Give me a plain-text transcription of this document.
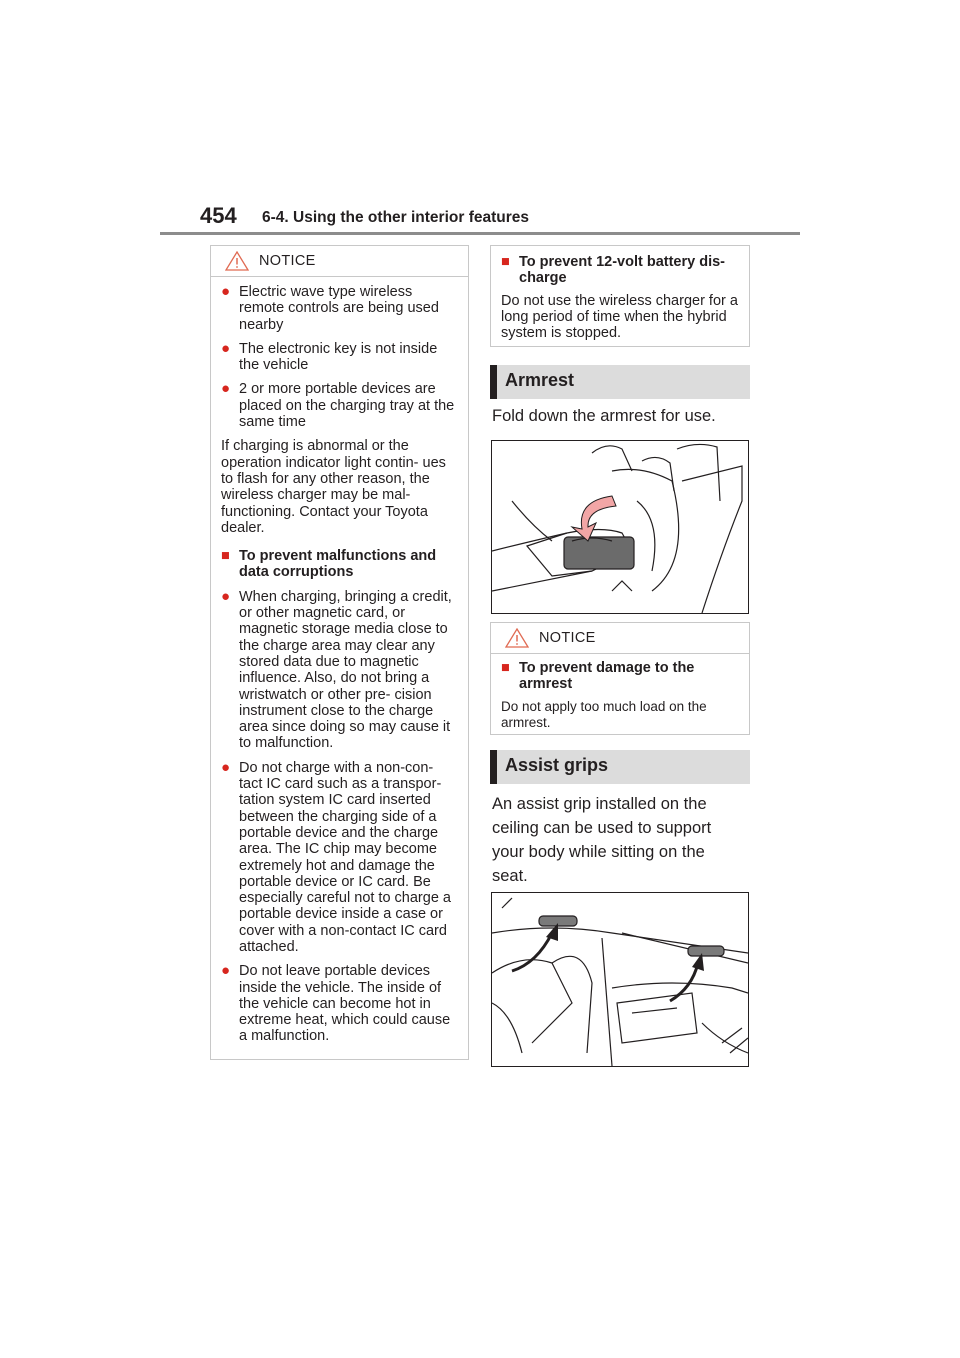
454 6-4. Using the other interior features
NOTICE
● Electric wave type wireless remote controls are being used nearby
● The electronic key is not inside the vehicle
● 2 or more portable devices are placed on the charging tray at the same time
If charging is abnormal or the operation indicator light contin- ues to flash for any other reason, the wireless charger may be mal- functioning. Contact your Toyota dealer.
■ To prevent malfunctions and data corruptions
● When charging, bringing a credit, or other magnetic card, or magnetic storage media close to the charge area may clear any stored data due to magnetic influence. Also, do not bring a wristwatch or other pre- cision instrument close to the charge area since doing so may cause it to malfunction.
● Do not charge with a non-con- tact IC card such as a transpor- tation system IC card inserted between the charging side of a portable device and the charge area. The IC chip may become extremely hot and damage the portable device or IC card. Be especially careful not to charge a portable device inside a case or cover with a non-contact IC card attached.
● Do not leave portable devices inside the vehicle. The inside of the vehicle can become hot in extreme heat, which could cause a malfunction.
■ To prevent 12-volt battery dis- charge
Do not use the wireless charger for a long period of time when the hybrid system is stopped.
Armrest
Fold down the armrest for use.
NOTICE
■ To prevent damage to the armrest
Do not apply too much load on the armrest.
Assist grips
An assist grip installed on the ceiling can be used to support your body while sitting on the seat.
